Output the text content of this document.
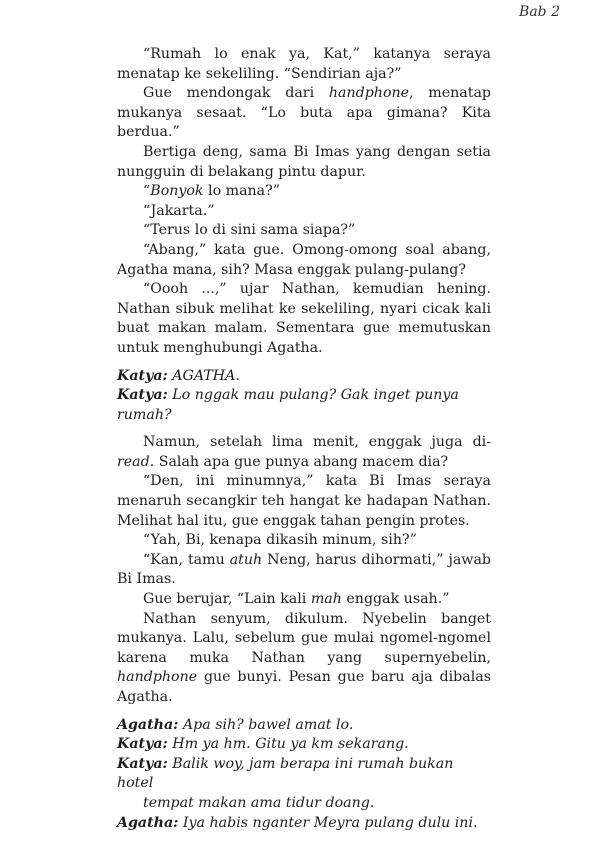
Bab 2

“Rumah lo enak ya, Kat,” katanya seraya menatap ke sekeliling. “Sendirian aja?”

Gue mendongak dari handphone, menatap mukanya sesaat. “Lo buta apa gimana? Kita berdua.”

Bertiga deng, sama Bi Imas yang dengan setia nungguin di belakang pintu dapur.

“Bonyok lo mana?”

“Jakarta.”

“Terus lo di sini sama siapa?”

“Abang,” kata gue. Omong-omong soal abang, Agatha mana, sih? Masa enggak pulang-pulang?

“Oooh ...,” ujar Nathan, kemudian hening. Nathan sibuk melihat ke sekeliling, nyari cicak kali buat makan malam. Sementara gue memutuskan untuk menghubungi Agatha.

Katya: AGATHA.

Katya: Lo nggak mau pulang? Gak inget punya rumah?

Namun, setelah lima menit, enggak juga di-read. Salah apa gue punya abang macem dia?

“Den, ini minumnya,” kata Bi Imas seraya menaruh secangkir teh hangat ke hadapan Nathan. Melihat hal itu, gue enggak tahan pengin protes.

“Yah, Bi, kenapa dikasih minum, sih?”

“Kan, tamu atuh Neng, harus dihormati,” jawab Bi Imas.

Gue berujar, “Lain kali mah enggak usah.”

Nathan senyum, dikulum. Nyebelin banget mukanya. Lalu, sebelum gue mulai ngomel-ngomel karena muka Nathan yang supernyebelin, handphone gue bunyi. Pesan gue baru aja dibalas Agatha.

Agatha: Apa sih? bawel amat lo.

Katya: Hm ya hm. Gitu ya km sekarang.

Katya: Balik woy, jam berapa ini rumah bukan hotel
tempat makan ama tidur doang.

Agatha: Iya habis nganter Meyra pulang dulu ini.
